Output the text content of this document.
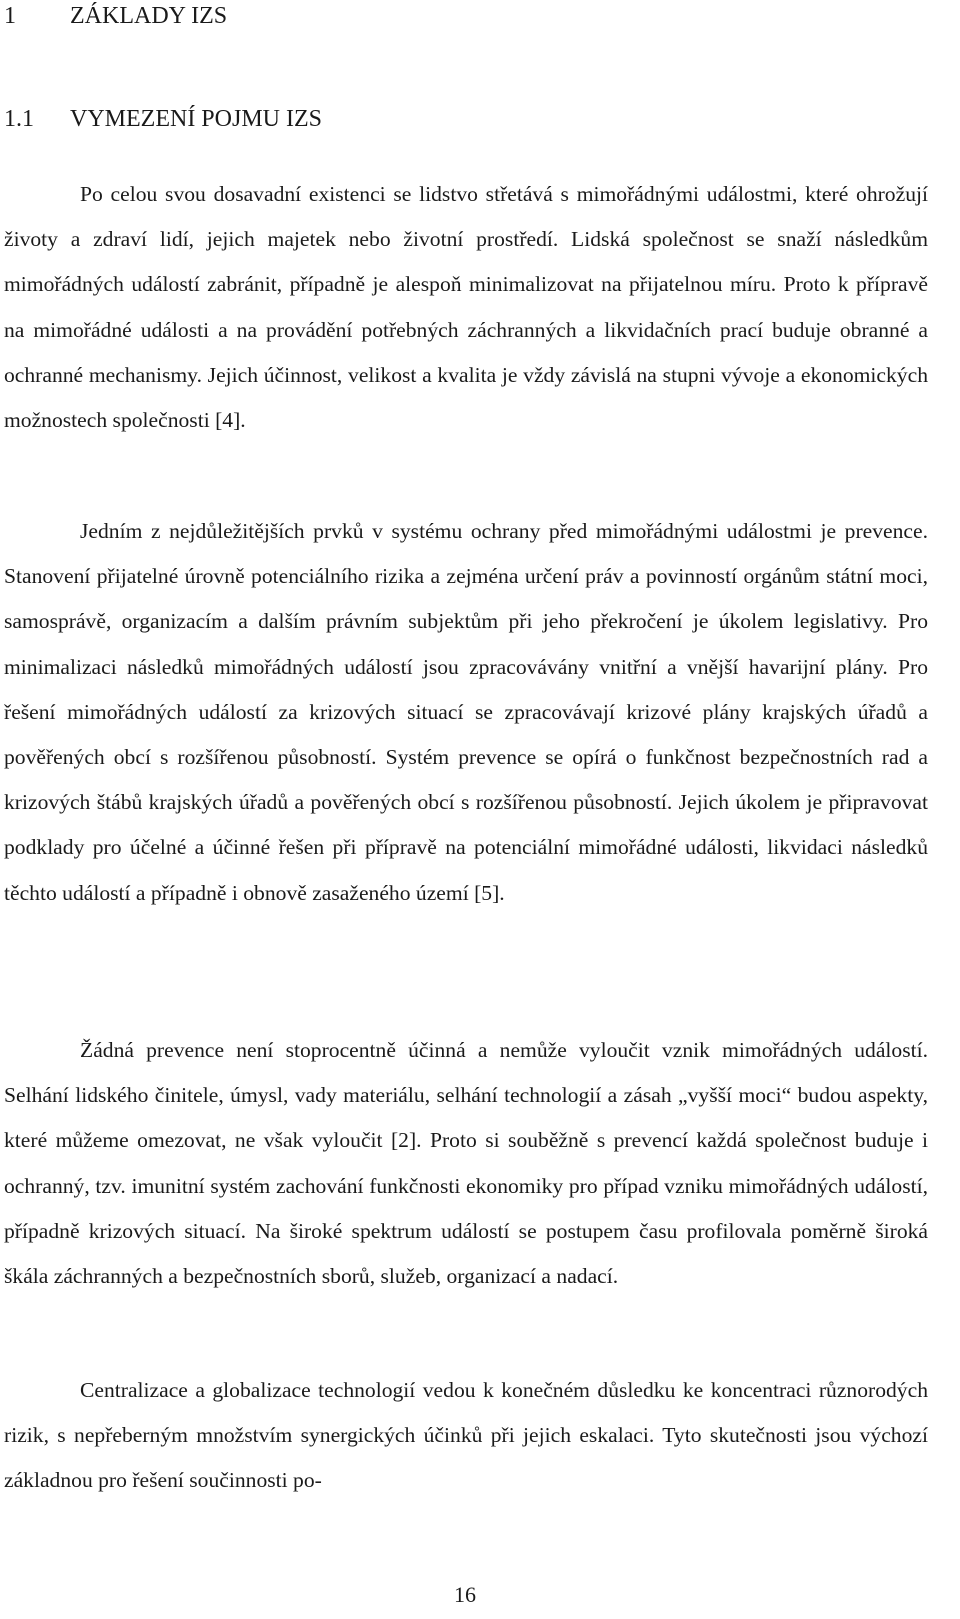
1 ZÁKLADY IZS
1.1 VYMEZENÍ POJMU IZS

Po celou svou dosavadní existenci se lidstvo střetává s mimořádnými událostmi, které ohrožují životy a zdraví lidí, jejich majetek nebo životní prostředí. Lidská společnost se snaží následkům mimořádných událostí zabránit, případně je alespoň minimalizovat na přijatelnou míru. Proto k přípravě na mimořádné události a na provádění potřebných záchranných a likvidačních prací buduje obranné a ochranné mechanismy. Jejich účinnost, velikost a kvalita je vždy závislá na stupni vývoje a ekonomických možnostech společnosti [4].

Jedním z nejdůležitějších prvků v systému ochrany před mimořádnými událostmi je prevence. Stanovení přijatelné úrovně potenciálního rizika a zejména určení práv a povinností orgánům státní moci, samosprávě, organizacím a dalším právním subjektům při jeho překročení je úkolem legislativy. Pro minimalizaci následků mimořádných událostí jsou zpracovávány vnitřní a vnější havarijní plány. Pro řešení mimořádných událostí za krizových situací se zpracovávají krizové plány krajských úřadů a pověřených obcí s rozšířenou působností. Systém prevence se opírá o funkčnost bezpečnostních rad a krizových štábů krajských úřadů a pověřených obcí s rozšířenou působností. Jejich úkolem je připravovat podklady pro účelné a účinné řešen při přípravě na potenciální mimořádné události, likvidaci následků těchto událostí a případně i obnově zasaženého území [5].

Žádná prevence není stoprocentně účinná a nemůže vyloučit vznik mimořádných událostí. Selhání lidského činitele, úmysl, vady materiálu, selhání technologií a zásah „vyšší moci“ budou aspekty, které můžeme omezovat, ne však vyloučit [2]. Proto si souběžně s prevencí každá společnost buduje i ochranný, tzv. imunitní systém zachování funkčnosti ekonomiky pro případ vzniku mimořádných událostí, případně krizových situací. Na široké spektrum událostí se postupem času profilovala poměrně široká škála záchranných a bezpečnostních sborů, služeb, organizací a nadací.

Centralizace a globalizace technologií vedou k konečném důsledku ke koncentraci různorodých rizik, s nepřeberným množstvím synergických účinků při jejich eskalaci. Tyto skutečnosti jsou výchozí základnou pro řešení součinnosti po-

16
